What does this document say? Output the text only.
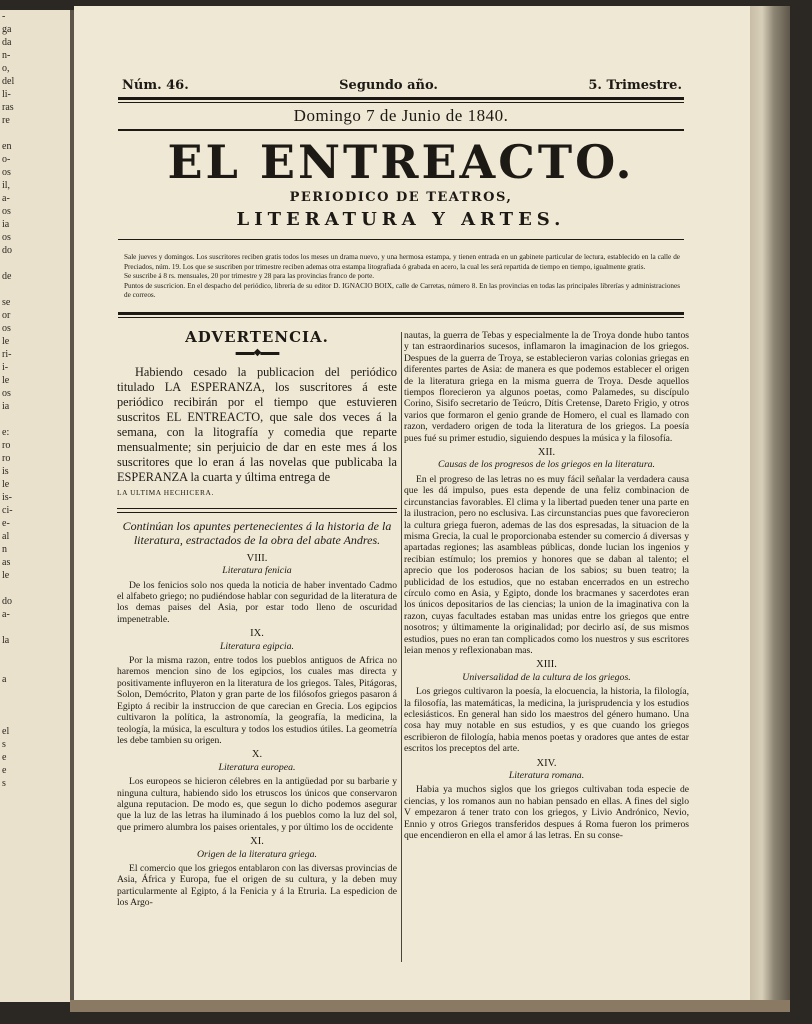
-
ga
da
n-
o,
del
li-
ras
re

en
o-
os
il,
a-
os
ia
os
do

de

se
or
os
le
ri-
i-
le
os
ia

e:
ro
ro
is
le
is-
ci-
e-
al
n
as
le

do
a-

la

a

el
s
e
e
s
Núm. 46.	Segundo año.	5. Trimestre.
Domingo 7 de Junio de 1840.
EL ENTREACTO.
PERIODICO DE TEATROS,
LITERATURA Y ARTES.

Sale jueves y domingos. Los suscritores reciben gratis todos los meses un drama nuevo, y una hermosa estampa, y tienen entrada en un gabinete particular de lectura, establecido en la calle de Preciados, núm. 19. Los que se suscriben por trimestre reciben ademas otra estampa litografiada ó grabada en acero, la cual les será repartida de tiempo en tiempo, igualmente gratis.

Se suscribe á 8 rs. mensuales, 20 por trimestre y 28 para las provincias franco de porte.

Puntos de suscricion. En el despacho del periódico, librería de su editor D. IGNACIO BOIX, calle de Carretas, número 8. En las provincias en todas las principales librerías y administraciones de correos.

ADVERTENCIA.
▬▬◆▬▬

Habiendo cesado la publicacion del periódico titulado LA ESPERANZA, los suscritores á este periódico recibirán por el tiempo que estuvieren suscritos EL ENTREACTO, que sale dos veces á la semana, con la litografía y comedia que reparte mensualmente; sin perjuicio de dar en este mes á los suscritores que lo eran á las novelas que publicaba la ESPERANZA la cuarta y última entrega de

LA ULTIMA HECHICERA.
Continúan los apuntes pertenecientes á la historia de la literatura, estractados de la obra del abate Andres.
VIII.
Literatura fenicia

De los fenicios solo nos queda la noticia de haber inventado Cadmo el alfabeto griego; no pudiéndose hablar con seguridad de la literatura de los demas paises del Asia, por estar todo lleno de oscuridad impenetrable.

IX.
Literatura egipcia.

Por la misma razon, entre todos los pueblos antiguos de Africa no haremos mencion sino de los egipcios, los cuales mas directa y positivamente influyeron en la literatura de los griegos. Tales, Pitágoras, Solon, Demócrito, Platon y gran parte de los filósofos griegos pasaron á Egipto á recibir la instruccion de que carecian en Grecia. Los egipcios cultivaron la política, la astronomía, la geografía, la medicina, la teología, la música, la escultura y todos los estudios útiles. La geometría les debe tambien su origen.

X.
Literatura europea.

Los europeos se hicieron célebres en la antigüedad por su barbarie y ninguna cultura, habiendo sido los etruscos los únicos que conservaron alguna reputacion. De modo es, que segun lo dicho podemos asegurar que la luz de las letras ha iluminado á los pueblos como la luz del sol, que primero alumbra los paises orientales, y por último los de occidente

XI.
Origen de la literatura griega.

El comercio que los griegos entablaron con las diversas provincias de Asia, África y Europa, fue el origen de su cultura, y la deben muy particularmente al Egipto, á la Fenicia y á la Etruria. La espedicion de los Argo-

nautas, la guerra de Tebas y especialmente la de Troya donde hubo tantos y tan estraordinarios sucesos, inflamaron la imaginacion de los griegos. Despues de la guerra de Troya, se establecieron varias colonias griegas en diferentes partes de Asia: de manera es que podemos establecer el origen de la literatura griega en la misma guerra de Troya. Desde aquellos tiempos florecieron ya algunos poetas, como Palamedes, su discípulo Corino, Sisifo secretario de Teúcro, Dítis Cretense, Dareto Frigio, y otros varios que formaron el genio grande de Homero, el cual es llamado con razon, verdadero origen de toda la literatura de los griegos. La poesía pues fué su primer estudio, siguiendo despues la música y la filosofía.

XII.
Causas de los progresos de los griegos en la literatura.

En el progreso de las letras no es muy fácil señalar la verdadera causa que les dá impulso, pues esta depende de una feliz combinacion de circunstancias favorables. El clima y la libertad pueden tener una parte en la ilustracion, pero no esclusiva. Las circunstancias pues que favorecieron la cultura griega fueron, ademas de las dos espresadas, la situacion de la misma Grecia, la cual le proporcionaba estender su comercio á diversas y apartadas regiones; las asambleas públicas, donde lucian los ingenios y recibian estímulo; los premios y honores que se daban al talento; el aprecio que los poderosos hacian de los sabios; su buen teatro; la publicidad de los estudios, que no estaban encerrados en un estrecho círculo como en Asia, y Egipto, donde los bracmanes y sacerdotes eran los únicos depositarios de las ciencias; la union de la imaginativa con la razon, cuyas facultades estaban mas unidas entre los griegos que entre nosotros; y últimamente la originalidad; por decirlo así, de sus mismos estudios, pues no eran tan complicados como los nuestros y sus escritores leian menos y reflexionaban mas.

XIII.
Universalidad de la cultura de los griegos.

Los griegos cultivaron la poesía, la elocuencia, la historia, la filología, la filosofía, las matemáticas, la medicina, la jurisprudencia y los estudios eclesiásticos. En general han sido los maestros del género humano. Una cosa hay muy notable en sus estudios, y es que cuando los griegos escribieron de filología, habia menos poetas y oradores que antes de estar escritos los preceptos del arte.

XIV.
Literatura romana.

Habia ya muchos siglos que los griegos cultivaban toda especie de ciencias, y los romanos aun no habian pensado en ellas. A fines del siglo V empezaron á tener trato con los griegos, y Livio Andrónico, Nevio, Ennio y otros Griegos transferidos despues á Roma fueron los primeros que encendieron en ella el amor á las letras. En su conse-
